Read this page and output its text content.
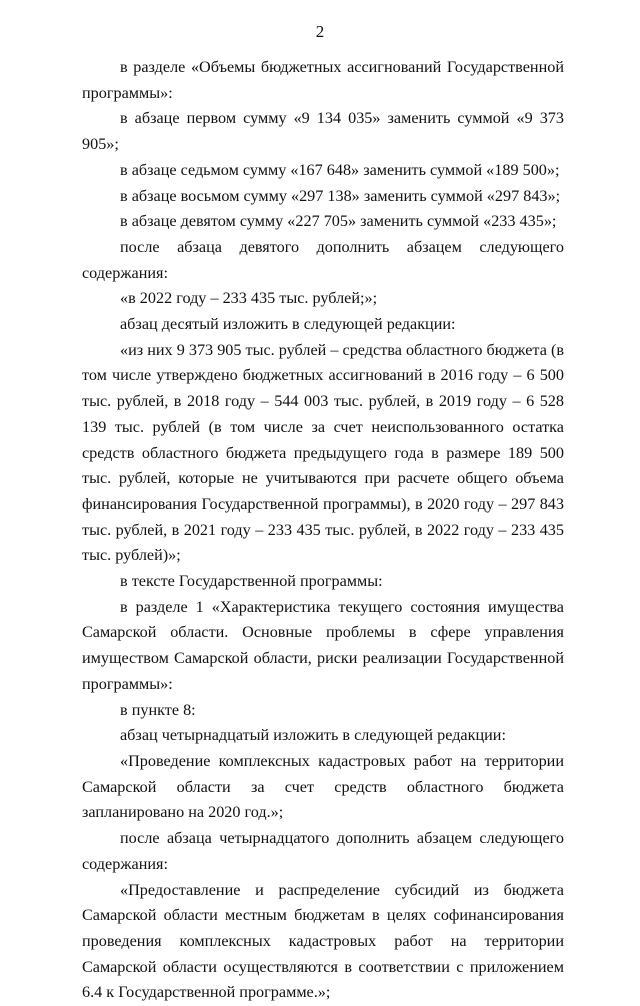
2

в разделе «Объемы бюджетных ассигнований Государственной программы»:

в абзаце первом сумму «9 134 035» заменить суммой «9 373 905»;

в абзаце седьмом сумму «167 648» заменить суммой «189 500»;

в абзаце восьмом сумму «297 138» заменить суммой «297 843»;

в абзаце девятом сумму «227 705» заменить суммой «233 435»;

после абзаца девятого дополнить абзацем следующего содержания:

«в 2022 году – 233 435 тыс. рублей;»;

абзац десятый изложить в следующей редакции:

«из них 9 373 905 тыс. рублей – средства областного бюджета (в том числе утверждено бюджетных ассигнований в 2016 году – 6 500 тыс. рублей, в 2018 году – 544 003 тыс. рублей, в 2019 году – 6 528 139 тыс. рублей (в том числе за счет неиспользованного остатка средств областного бюджета предыдущего года в размере 189 500 тыс. рублей, которые не учитываются при расчете общего объема финансирования Государственной программы), в 2020 году – 297 843 тыс. рублей, в 2021 году – 233 435 тыс. рублей, в 2022 году – 233 435 тыс. рублей)»;

в тексте Государственной программы:

в разделе 1 «Характеристика текущего состояния имущества Самарской области. Основные проблемы в сфере управления имуществом Самарской области, риски реализации Государственной программы»:

в пункте 8:

абзац четырнадцатый изложить в следующей редакции:

«Проведение комплексных кадастровых работ на территории Самарской области за счет средств областного бюджета запланировано на 2020 год.»;

после абзаца четырнадцатого дополнить абзацем следующего содержания:

«Предоставление и распределение субсидий из бюджета Самарской области местным бюджетам в целях софинансирования проведения комплексных кадастровых работ на территории Самарской области осуществляются в соответствии с приложением 6.4 к Государственной программе.»;
